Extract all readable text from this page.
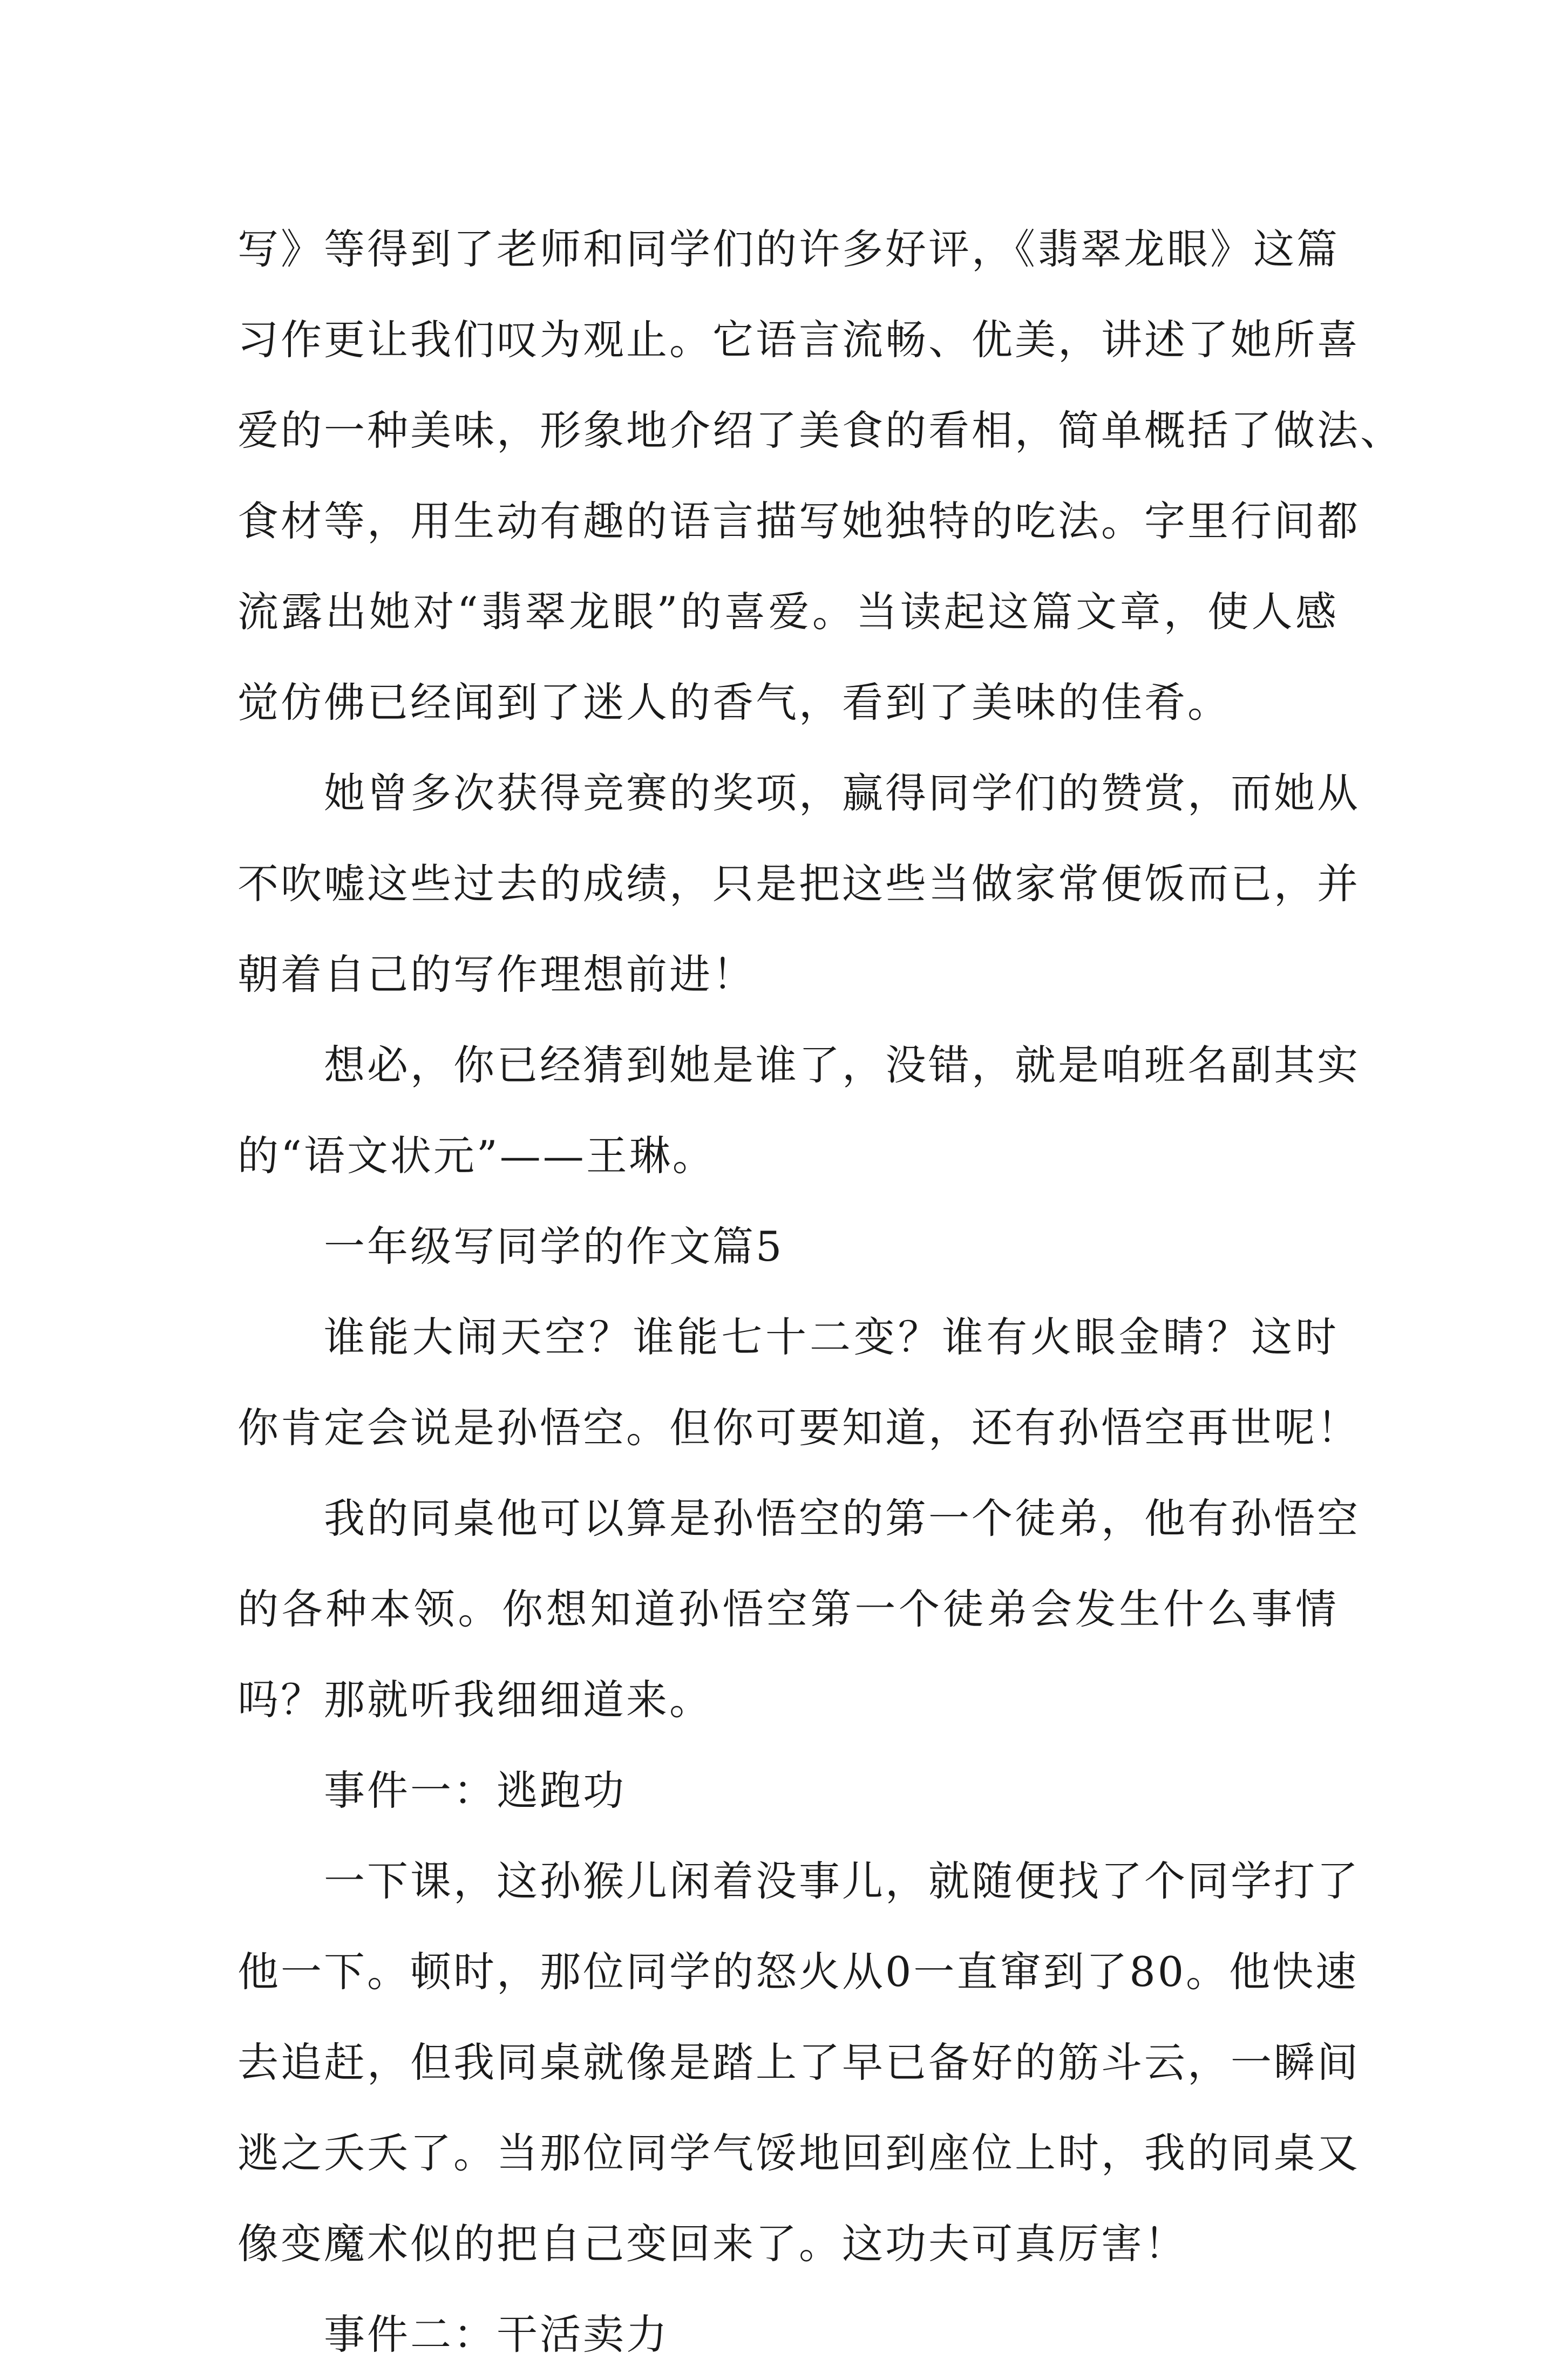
写》等得到了老师和同学们的许多好评，《翡翠龙眼》这篇
习作更让我们叹为观止。它语言流畅、优美，讲述了她所喜
爱的一种美味，形象地介绍了美食的看相，简单概括了做法、
食材等，用生动有趣的语言描写她独特的吃法。字里行间都
流露出她对“翡翠龙眼”的喜爱。当读起这篇文章，使人感
觉仿佛已经闻到了迷人的香气，看到了美味的佳肴。
她曾多次获得竞赛的奖项，赢得同学们的赞赏，而她从
不吹嘘这些过去的成绩，只是把这些当做家常便饭而已，并
朝着自己的写作理想前进！
想必，你已经猜到她是谁了，没错，就是咱班名副其实
的“语文状元”——王琳。
一年级写同学的作文篇5
谁能大闹天空？谁能七十二变？谁有火眼金睛？这时
你肯定会说是孙悟空。但你可要知道，还有孙悟空再世呢！
我的同桌他可以算是孙悟空的第一个徒弟，他有孙悟空
的各种本领。你想知道孙悟空第一个徒弟会发生什么事情
吗？那就听我细细道来。
事件一：逃跑功
一下课，这孙猴儿闲着没事儿，就随便找了个同学打了
他一下。顿时，那位同学的怒火从0一直窜到了80。他快速
去追赶，但我同桌就像是踏上了早已备好的筋斗云，一瞬间
逃之夭夭了。当那位同学气馁地回到座位上时，我的同桌又
像变魔术似的把自己变回来了。这功夫可真厉害！
事件二：干活卖力
